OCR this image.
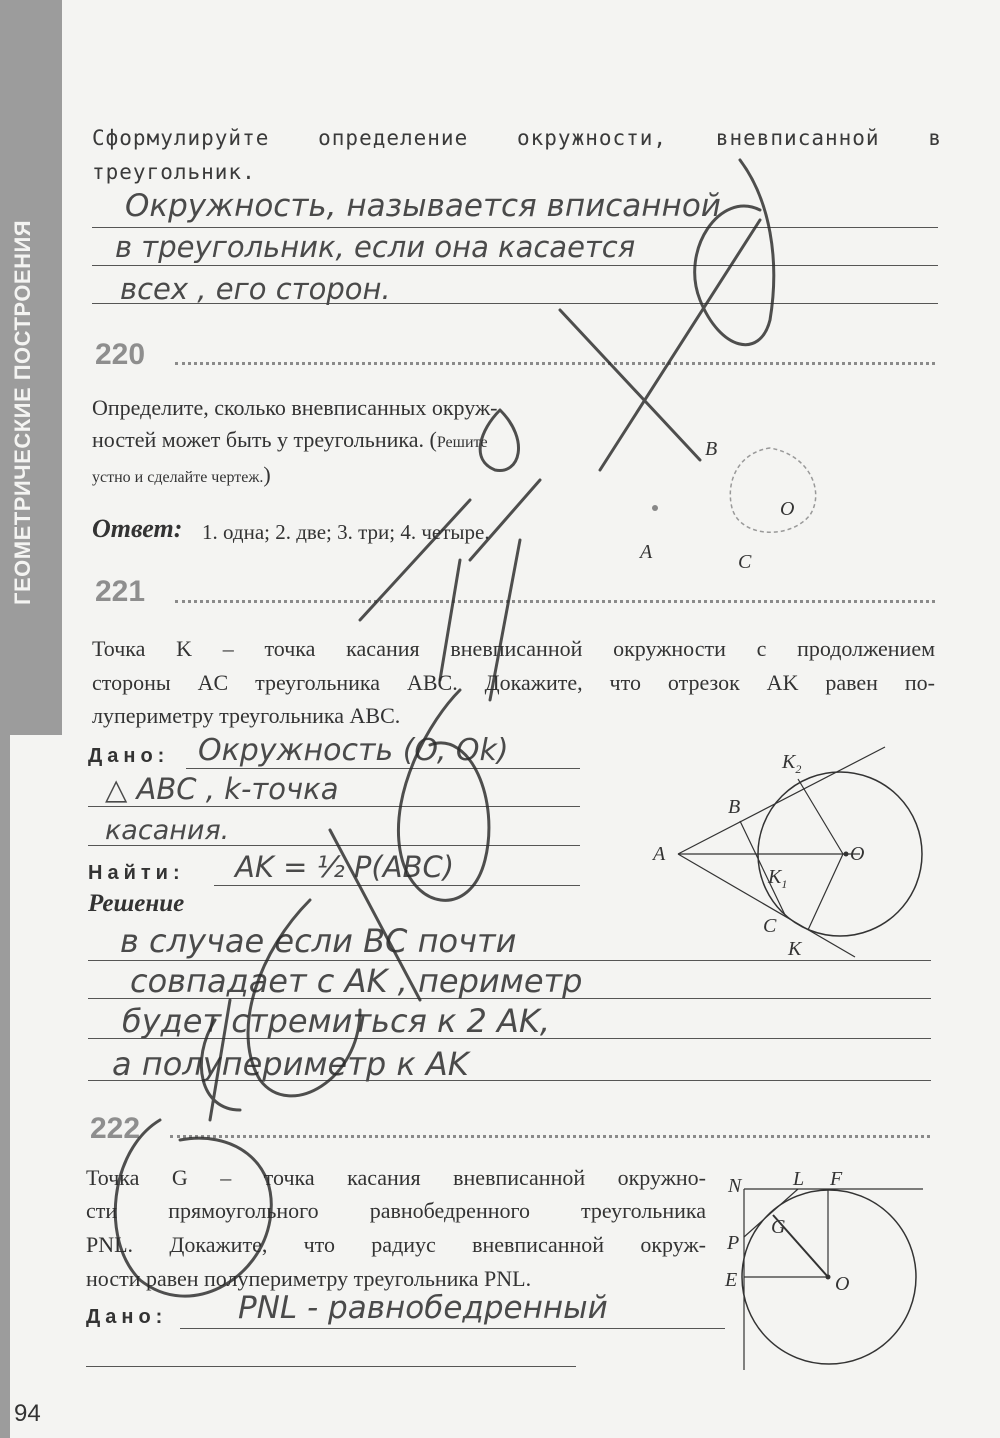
ГЕОМЕТРИЧЕСКИЕ ПОСТРОЕНИЯ
Сформулируйте определение окружности, вневписанной в
треугольник.
Окружность, называется вписанной
в треугольник, если она касается
всех , его сторон.
220
Определите, сколько вневписанных окруж-
ностей может быть у треугольника. (Решите
устно и сделайте чертеж.)
Ответ: 1. одна; 2. две; 3. три; 4. четыре.
221
Точка K – точка касания вневписанной окружности с продолжением
стороны AC треугольника ABC. Докажите, что отрезок AK равен по-
лупериметру треугольника ABC.
Дано: Окружность (O, Ok)
△ ABC , k-точка
касания.
Найти: AK = ½ P(ABC)
Решение
в случае если BC почти
совпадает с AK , периметр
будет стремиться к 2 AK,
а полупериметр к AK
$K_2$
B
A	O
$K_1$
C
K
222
Точка G – точка касания вневписанной окружно-
сти прямоугольного равнобедренного треугольника
PNL. Докажите, что радиус вневписанной окруж-
ности равен полупериметру треугольника PNL.
Дано: PNL - равнобедренный
N	L F
G
P
E	O
B
O
A	C
94
